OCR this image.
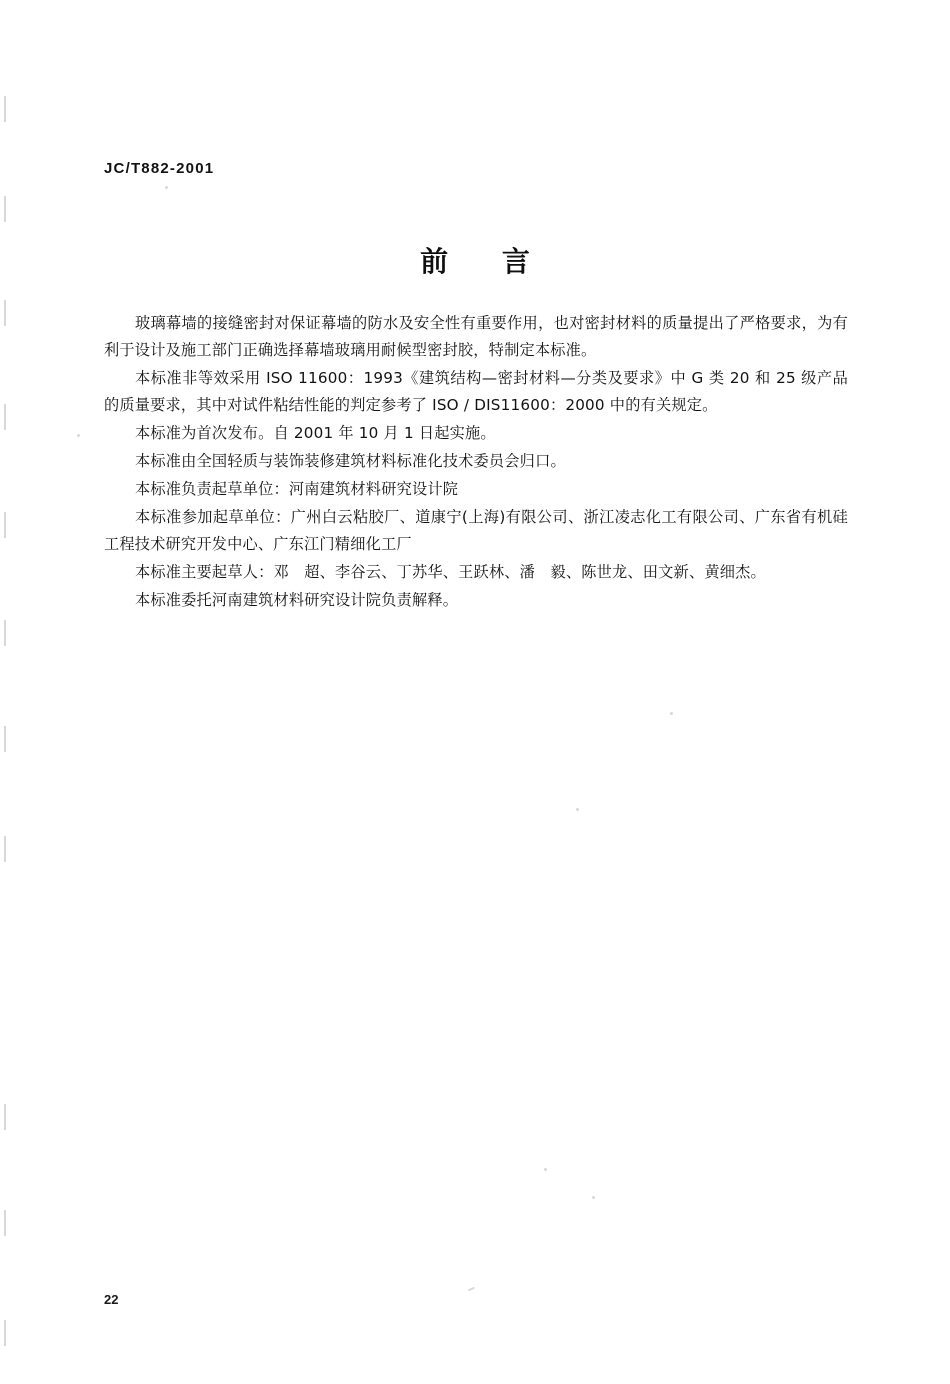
JC/T882-2001
前 言

玻璃幕墙的接缝密封对保证幕墙的防水及安全性有重要作用，也对密封材料的质量提出了严格要求，为有利于设计及施工部门正确选择幕墙玻璃用耐候型密封胶，特制定本标准。

本标准非等效采用 ISO 11600：1993《建筑结构—密封材料—分类及要求》中 G 类 20 和 25 级产品的质量要求，其中对试件粘结性能的判定参考了 ISO / DIS11600：2000 中的有关规定。

本标准为首次发布。自 2001 年 10 月 1 日起实施。

本标准由全国轻质与装饰装修建筑材料标准化技术委员会归口。

本标准负责起草单位：河南建筑材料研究设计院

本标准参加起草单位：广州白云粘胶厂、道康宁(上海)有限公司、浙江凌志化工有限公司、广东省有机硅工程技术研究开发中心、广东江门精细化工厂

本标准主要起草人：邓　超、李谷云、丁苏华、王跃林、潘　毅、陈世龙、田文新、黄细杰。

本标准委托河南建筑材料研究设计院负责解释。

22
